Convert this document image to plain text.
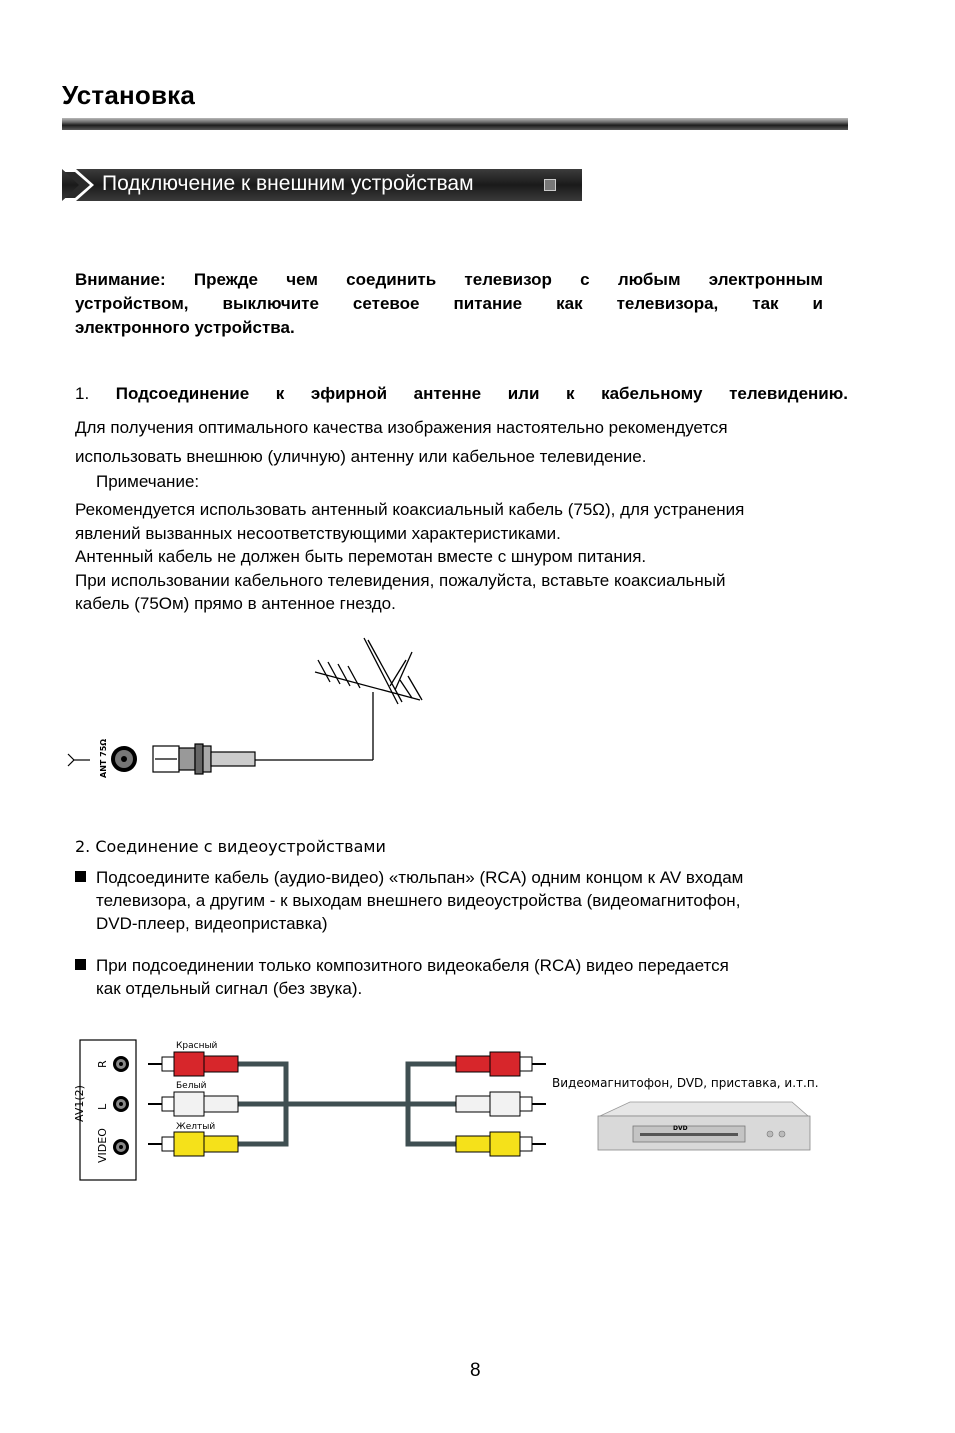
Установка
Подключение к внешним устройствам
Внимание: Прежде чем соединить телевизор с любым электронным
устройством, выключите сетевое питание как телевизора, так и
электронного устройства.
1. Подсоединение к эфирной антенне или к кабельному телевидению.
Для получения оптимального качества изображения настоятельно рекомендуется
использовать внешнюю (уличную) антенну или кабельное телевидение.
Примечание:
Рекомендуется использовать антенный коаксиальный кабель (75Ω), для устранения
явлений вызванных несоответствующими характеристиками.
Антенный кабель не должен быть перемотан вместе с шнуром питания.
При использовании кабельного телевидения, пожалуйста, вставьте коаксиальный
кабель (75Ом) прямо в антенное гнездо.
ANT 75Ω
2. Соединение с видеоустройствами
Подсоедините кабель (аудио-видео) «тюльпан» (RCA) одним концом к AV входам
телевизора, а другим - к выходам внешнего видеоустройства (видеомагнитофон,
DVD-плеер, видеоприставка)
При подсоединении только композитного видеокабеля (RCA) видео передается
как отдельный сигнал (без звука).
AV1(2)
R
L
VIDEO
Красный
Белый
Желтый
Видеомагнитофон, DVD, приставка, и.т.п.
DVD
8
